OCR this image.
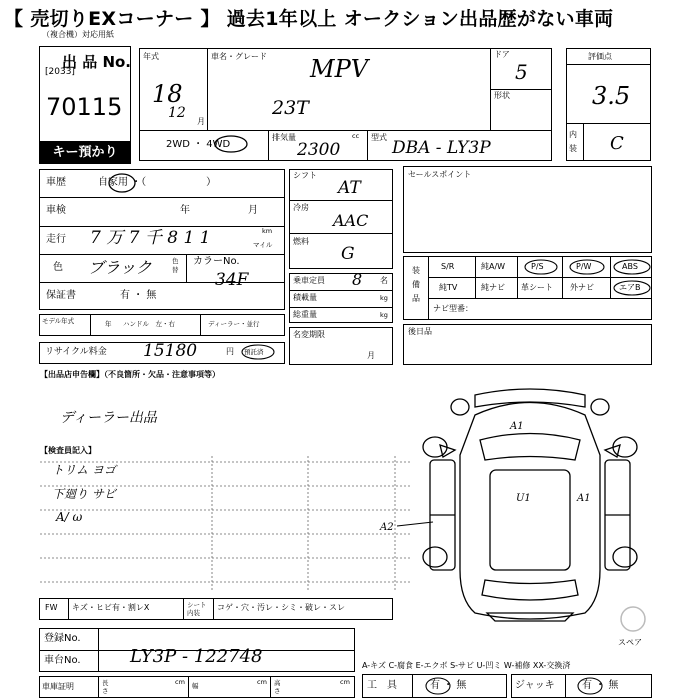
【 売切りEXコーナー 】 過去1年以上 オークション出品歴がない車両
（複合機）対応用紙
出 品 No.
[2033]
70115
キー預かり
年式
18
12
月
車名・グレード MPV
23T
ドア
5
形状
2WD ・ 4WD
排気量	cc
2300
型式
DBA - LY3P
評価点
3.5
内装 C
車歴	自家用 ・（　　　　　　）
車検	年	月
走行 7 万 7 千 8 1 1	km
マイル
色
色替
ブラック	カラーNo.
34F
保証書	有 ・ 無
モデル年式	年 ハンドル　左・右	ディーラー・並行
リサイクル料金 15180	円 預託済
シフト
AT
冷房
AAC
燃料
G
乗車定員 8 名
積載量	kg
総重量	kg
名変期限
月
セールスポイント
装備品
S/R	純A/W	P/S	P/W	ABS
純TV	純ナビ 革シート 外ナビ	エアB
ナビ型番：
後日品
【出品店申告欄】（不良箇所・欠品・注意事項等）
ディーラー出品
【検査員記入】
トリム ヨゴ
下廻り サビ
A/ ω
A1
A1
U1
A2
FW キズ・ヒビ有・割レX	シート内装
コゲ・穴・汚レ・シミ・破レ・スレ
登録No.
車台No.	LY3P - 122748
車庫証明	長さ
cm 幅	cm 高さ
cm
スペア
A-キズ C-腐食 E-エクボ S-サビ U-凹ミ W-補修 XX-交換済
工　具	有 ・ 無	ジャッキ	有 ・ 無
